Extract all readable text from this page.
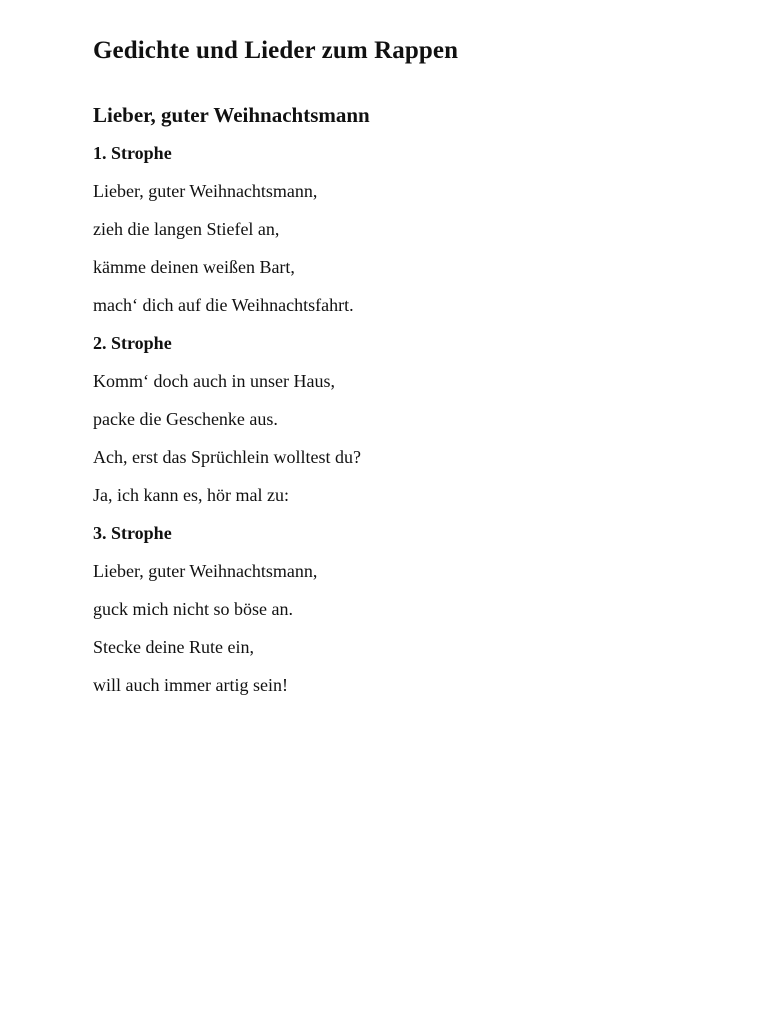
Gedichte und Lieder zum Rappen
Lieber, guter Weihnachtsmann
1. Strophe
Lieber, guter Weihnachtsmann,
zieh die langen Stiefel an,
kämme deinen weißen Bart,
mach‘ dich auf die Weihnachtsfahrt.
2. Strophe
Komm‘ doch auch in unser Haus,
packe die Geschenke aus.
Ach, erst das Sprüchlein wolltest du?
Ja, ich kann es, hör mal zu:
3. Strophe
Lieber, guter Weihnachtsmann,
guck mich nicht so böse an.
Stecke deine Rute ein,
will auch immer artig sein!
